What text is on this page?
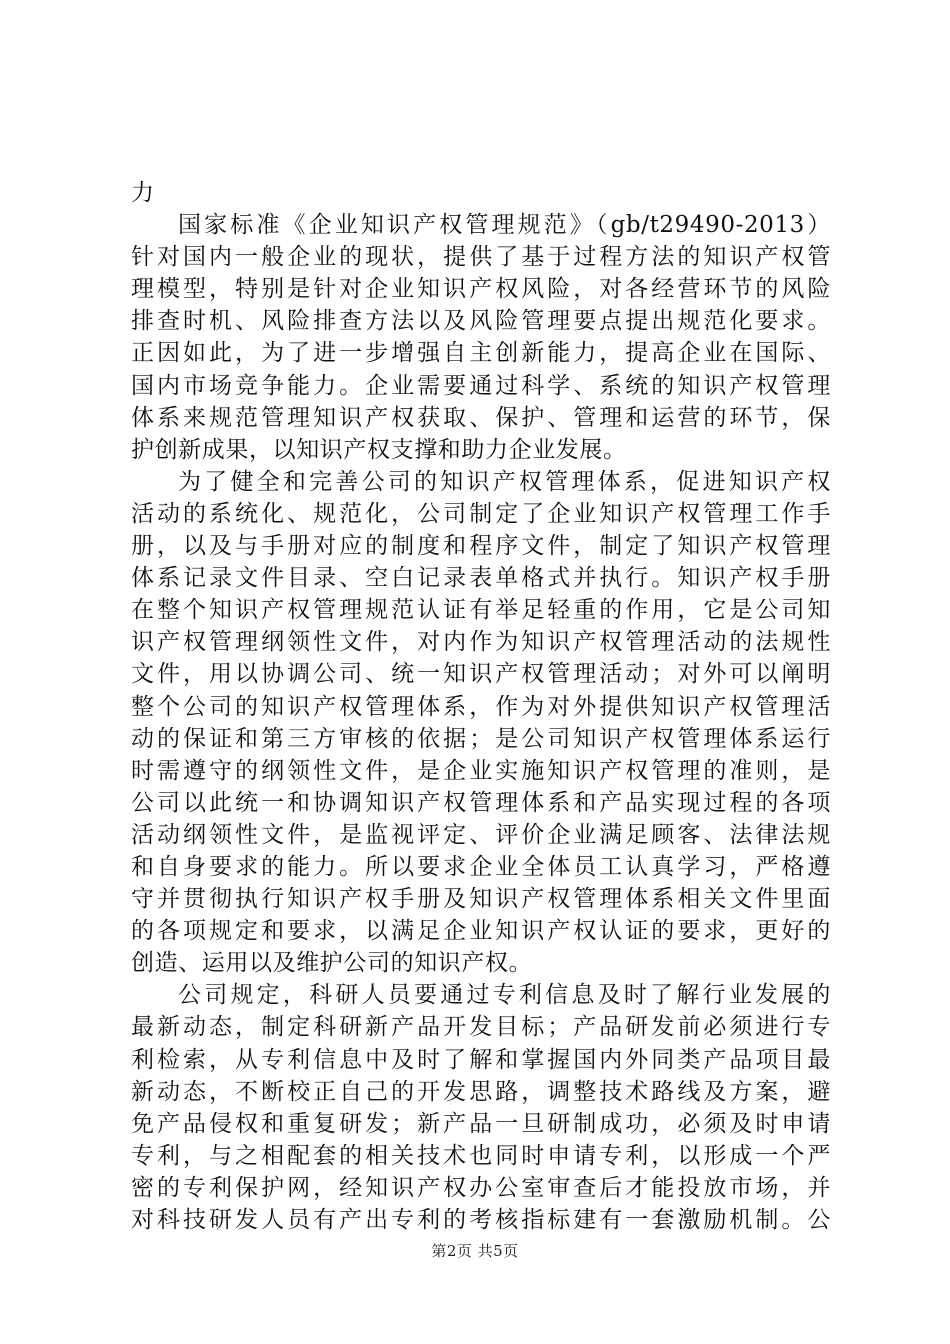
力
国家标准《企业知识产权管理规范》（gb/t29490-2013）
针对国内一般企业的现状，提供了基于过程方法的知识产权管
理模型，特别是针对企业知识产权风险，对各经营环节的风险
排查时机、风险排查方法以及风险管理要点提出规范化要求。
正因如此，为了进一步增强自主创新能力，提高企业在国际、
国内市场竞争能力。企业需要通过科学、系统的知识产权管理
体系来规范管理知识产权获取、保护、管理和运营的环节，保
护创新成果，以知识产权支撑和助力企业发展。
为了健全和完善公司的知识产权管理体系，促进知识产权
活动的系统化、规范化，公司制定了企业知识产权管理工作手
册，以及与手册对应的制度和程序文件，制定了知识产权管理
体系记录文件目录、空白记录表单格式并执行。知识产权手册
在整个知识产权管理规范认证有举足轻重的作用，它是公司知
识产权管理纲领性文件，对内作为知识产权管理活动的法规性
文件，用以协调公司、统一知识产权管理活动；对外可以阐明
整个公司的知识产权管理体系，作为对外提供知识产权管理活
动的保证和第三方审核的依据；是公司知识产权管理体系运行
时需遵守的纲领性文件，是企业实施知识产权管理的准则，是
公司以此统一和协调知识产权管理体系和产品实现过程的各项
活动纲领性文件，是监视评定、评价企业满足顾客、法律法规
和自身要求的能力。所以要求企业全体员工认真学习，严格遵
守并贯彻执行知识产权手册及知识产权管理体系相关文件里面
的各项规定和要求，以满足企业知识产权认证的要求，更好的
创造、运用以及维护公司的知识产权。
公司规定，科研人员要通过专利信息及时了解行业发展的
最新动态，制定科研新产品开发目标；产品研发前必须进行专
利检索，从专利信息中及时了解和掌握国内外同类产品项目最
新动态，不断校正自己的开发思路，调整技术路线及方案，避
免产品侵权和重复研发；新产品一旦研制成功，必须及时申请
专利，与之相配套的相关技术也同时申请专利，以形成一个严
密的专利保护网，经知识产权办公室审查后才能投放市场，并
对科技研发人员有产出专利的考核指标建有一套激励机制。公
第2页 共5页
